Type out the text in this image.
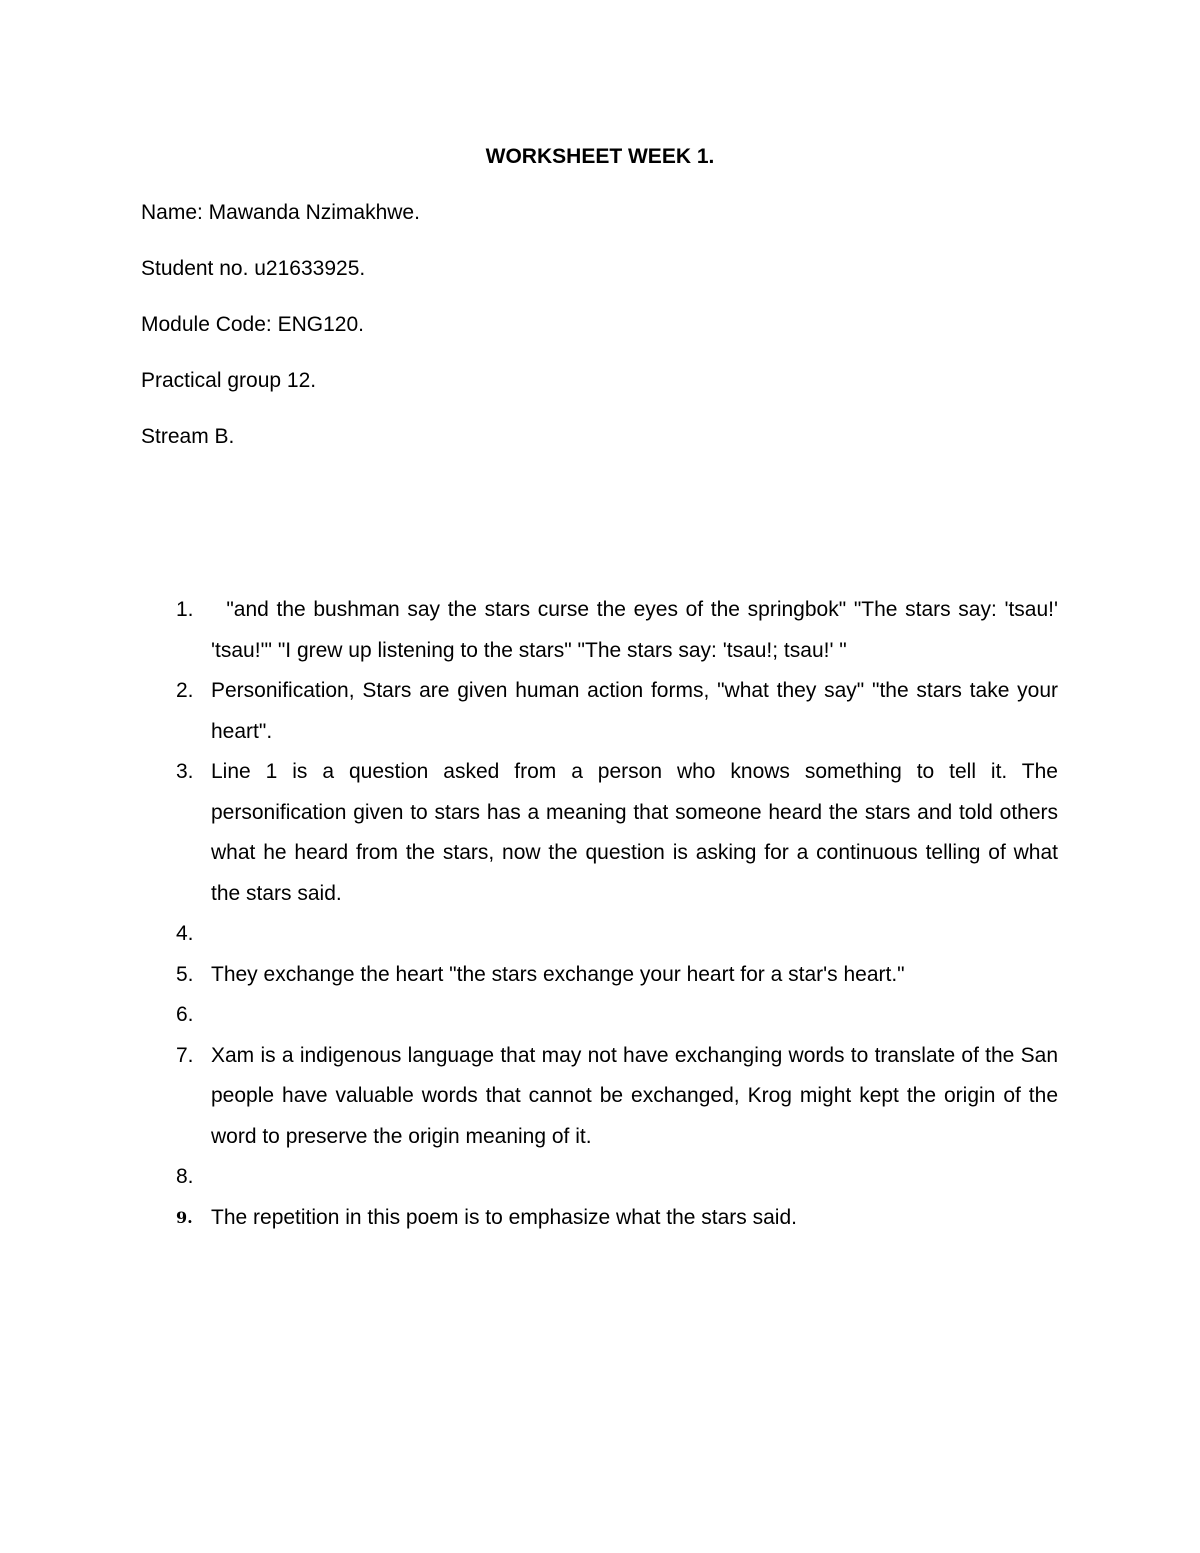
WORKSHEET WEEK 1.

Name: Mawanda Nzimakhwe.

Student no. u21633925.

Module Code: ENG120.

Practical group 12.

Stream B.

1. "and the bushman say the stars curse the eyes of the springbok" "The stars say: 'tsau!' 'tsau!'" "I grew up listening to the stars" "The stars say: 'tsau!; tsau!' "
2. Personification, Stars are given human action forms, "what they say" "the stars take your heart".
3. Line 1 is a question asked from a person who knows something to tell it. The personification given to stars has a meaning that someone heard the stars and told others what he heard from the stars, now the question is asking for a continuous telling of what the stars said.
4.
5. They exchange the heart "the stars exchange your heart for a star's heart."
6.
7. Xam is a indigenous language that may not have exchanging words to translate of the San people have valuable words that cannot be exchanged, Krog might kept the origin of the word to preserve the origin meaning of it.
8.
9. The repetition in this poem is to emphasize what the stars said.
